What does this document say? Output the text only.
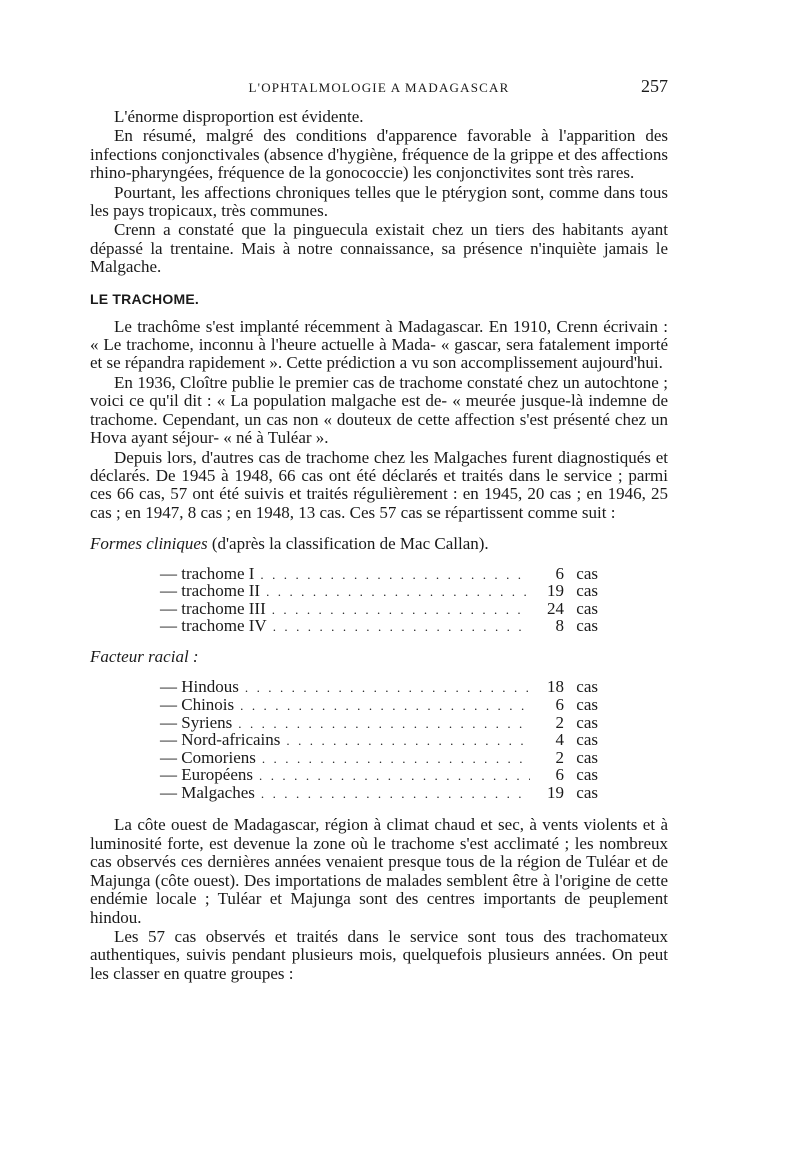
L'OPHTALMOLOGIE A MADAGASCAR	257

L'énorme disproportion est évidente.

En résumé, malgré des conditions d'apparence favorable à l'apparition des infections conjonctivales (absence d'hygiène, fréquence de la grippe et des affections rhino-pharyngées, fréquence de la gonococcie) les conjonctivites sont très rares.

Pourtant, les affections chroniques telles que le ptérygion sont, comme dans tous les pays tropicaux, très communes.

Crenn a constaté que la pinguecula existait chez un tiers des habitants ayant dépassé la trentaine. Mais à notre connaissance, sa présence n'inquiète jamais le Malgache.

LE TRACHOME.

Le trachôme s'est implanté récemment à Madagascar. En 1910, Crenn écrivain : « Le trachome, inconnu à l'heure actuelle à Mada- « gascar, sera fatalement importé et se répandra rapidement ». Cette prédiction a vu son accomplissement aujourd'hui.

En 1936, Cloître publie le premier cas de trachome constaté chez un autochtone ; voici ce qu'il dit : « La population malgache est de- « meurée jusque-là indemne de trachome. Cependant, un cas non « douteux de cette affection s'est présenté chez un Hova ayant séjour- « né à Tuléar ».

Depuis lors, d'autres cas de trachome chez les Malgaches furent diagnostiqués et déclarés. De 1945 à 1948, 66 cas ont été déclarés et traités dans le service ; parmi ces 66 cas, 57 ont été suivis et traités régulièrement : en 1945, 20 cas ; en 1946, 25 cas ; en 1947, 8 cas ; en 1948, 13 cas. Ces 57 cas se répartissent comme suit :

Formes cliniques (d'après la classification de Mac Callan).
— trachome I . . .	6 cas
— trachome II . . .	19 cas
— trachome III . . .	24 cas
— trachome IV . . .	8 cas
Facteur racial :
— Hindous . . .	18 cas
— Chinois . . .	6 cas
— Syriens . . .	2 cas
— Nord-africains . . .	4 cas
— Comoriens . . .	2 cas
— Européens . . .	6 cas
— Malgaches . . .	19 cas

La côte ouest de Madagascar, région à climat chaud et sec, à vents violents et à luminosité forte, est devenue la zone où le trachome s'est acclimaté ; les nombreux cas observés ces dernières années venaient presque tous de la région de Tuléar et de Majunga (côte ouest). Des importations de malades semblent être à l'origine de cette endémie locale ; Tuléar et Majunga sont des centres importants de peuplement hindou.

Les 57 cas observés et traités dans le service sont tous des trachomateux authentiques, suivis pendant plusieurs mois, quelquefois plusieurs années. On peut les classer en quatre groupes :
